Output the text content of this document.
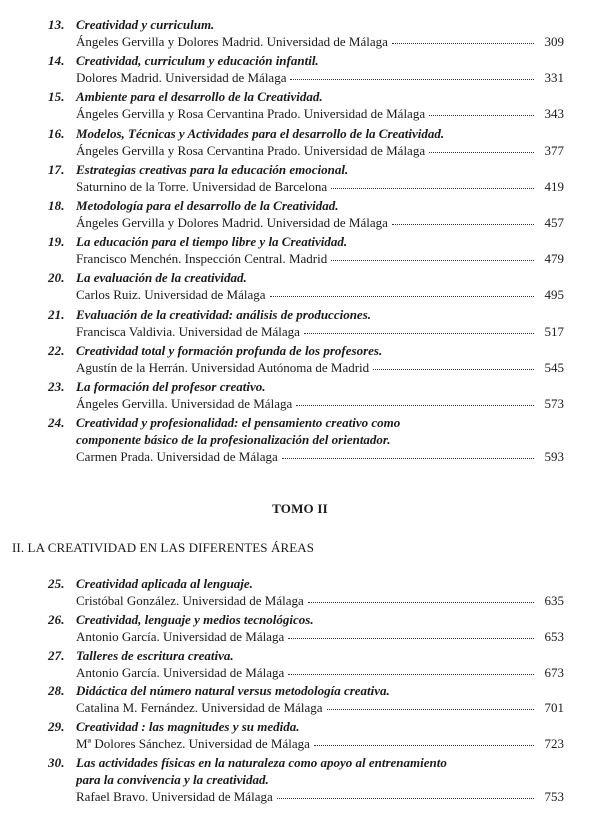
13. Creatividad y curriculum.
Ángeles Gervilla y Dolores Madrid. Universidad de Málaga	309
14. Creatividad, curriculum y educación infantil.
Dolores Madrid. Universidad de Málaga	331
15. Ambiente para el desarrollo de la Creatividad.
Ángeles Gervilla y Rosa Cervantina Prado. Universidad de Málaga	343
16. Modelos, Técnicas y Actividades para el desarrollo de la Creatividad.
Ángeles Gervilla y Rosa Cervantina Prado. Universidad de Málaga	377
17. Estrategias creativas para la educación emocional.
Saturnino de la Torre. Universidad de Barcelona	419
18. Metodología para el desarrollo de la Creatividad.
Ángeles Gervilla y Dolores Madrid. Universidad de Málaga	457
19. La educación para el tiempo libre y la Creatividad.
Francisco Menchén. Inspección Central. Madrid	479
20. La evaluación de la creatividad.
Carlos Ruiz. Universidad de Málaga	495
21. Evaluación de la creatividad: análisis de producciones.
Francisca Valdivia. Universidad de Málaga	517
22. Creatividad total y formación profunda de los profesores.
Agustín de la Herrán. Universidad Autónoma de Madrid	545
23. La formación del profesor creativo.
Ángeles Gervilla. Universidad de Málaga	573
24. Creatividad y profesionalidad: el pensamiento creativo como
componente básico de la profesionalización del orientador.
Carmen Prada. Universidad de Málaga	593
TOMO II
II. LA CREATIVIDAD EN LAS DIFERENTES ÁREAS
25. Creatividad aplicada al lenguaje.
Cristóbal González. Universidad de Málaga	635
26. Creatividad, lenguaje y medios tecnológicos.
Antonio García. Universidad de Málaga	653
27. Talleres de escritura creativa.
Antonio García. Universidad de Málaga	673
28. Didáctica del número natural versus metodología creativa.
Catalina M. Fernández. Universidad de Málaga	701
29. Creatividad : las magnitudes y su medida.
Mª Dolores Sánchez. Universidad de Málaga	723
30. Las actividades físicas en la naturaleza como apoyo al entrenamiento
para la convivencia y la creatividad.
Rafael Bravo. Universidad de Málaga	753
